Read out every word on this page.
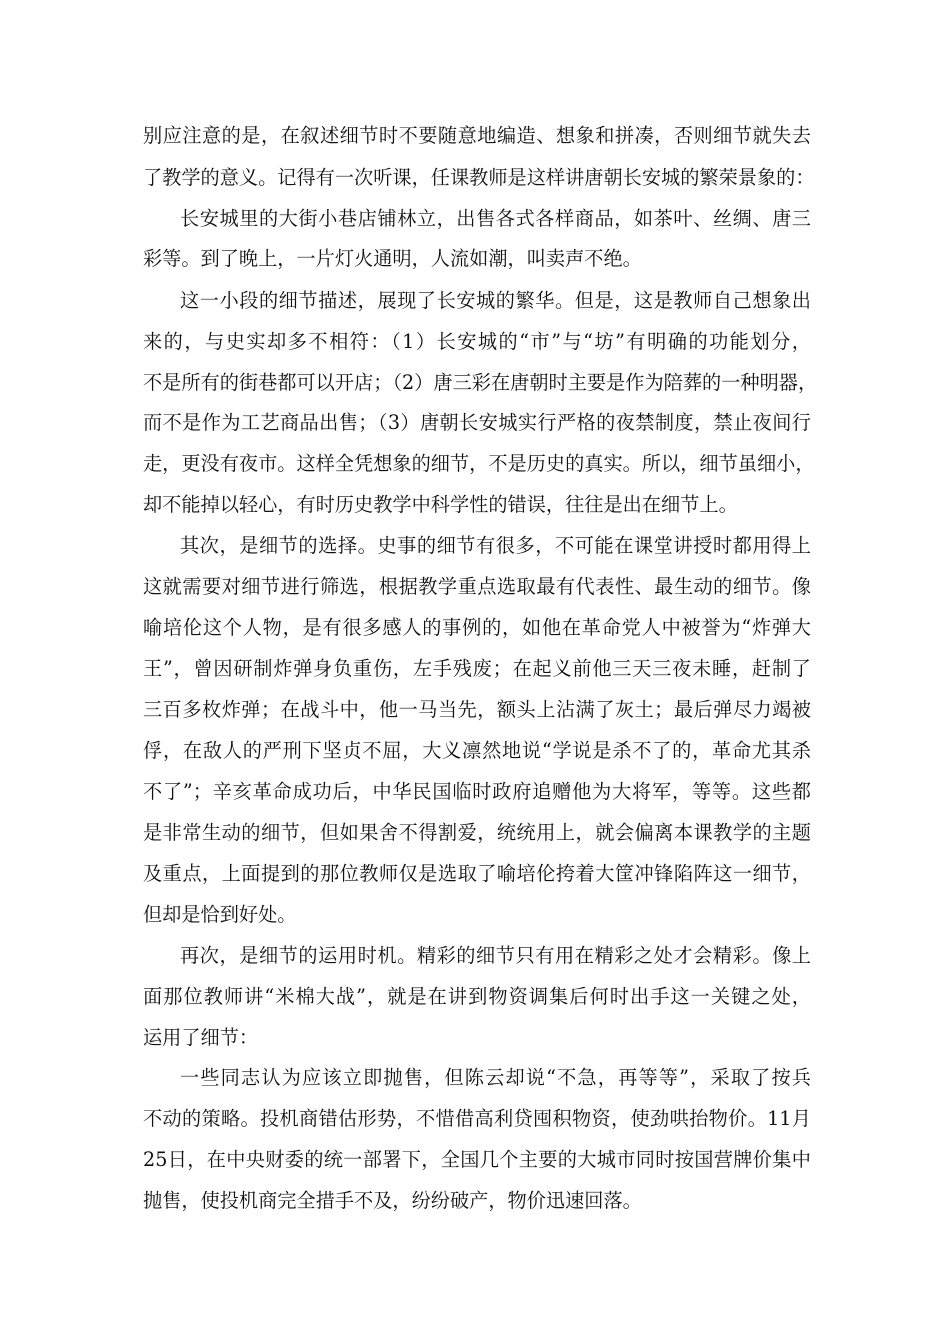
别应注意的是，在叙述细节时不要随意地编造、想象和拼凑，否则细节就失去
了教学的意义。记得有一次听课，任课教师是这样讲唐朝长安城的繁荣景象的：
长安城里的大街小巷店铺林立，出售各式各样商品，如茶叶、丝绸、唐三
彩等。到了晚上，一片灯火通明，人流如潮，叫卖声不绝。
这一小段的细节描述，展现了长安城的繁华。但是，这是教师自己想象出
来的，与史实却多不相符：（1）长安城的“市”与“坊”有明确的功能划分，
不是所有的街巷都可以开店；（2）唐三彩在唐朝时主要是作为陪葬的一种明器，
而不是作为工艺商品出售；（3）唐朝长安城实行严格的夜禁制度，禁止夜间行
走，更没有夜市。这样全凭想象的细节，不是历史的真实。所以，细节虽细小，
却不能掉以轻心，有时历史教学中科学性的错误，往往是出在细节上。
其次，是细节的选择。史事的细节有很多，不可能在课堂讲授时都用得上
这就需要对细节进行筛选，根据教学重点选取最有代表性、最生动的细节。像
喻培伦这个人物，是有很多感人的事例的，如他在革命党人中被誉为“炸弹大
王”，曾因研制炸弹身负重伤，左手残废；在起义前他三天三夜未睡，赶制了
三百多枚炸弹；在战斗中，他一马当先，额头上沾满了灰土；最后弹尽力竭被
俘，在敌人的严刑下坚贞不屈，大义凛然地说“学说是杀不了的，革命尤其杀
不了”；辛亥革命成功后，中华民国临时政府追赠他为大将军，等等。这些都
是非常生动的细节，但如果舍不得割爱，统统用上，就会偏离本课教学的主题
及重点，上面提到的那位教师仅是选取了喻培伦挎着大筐冲锋陷阵这一细节，
但却是恰到好处。
再次，是细节的运用时机。精彩的细节只有用在精彩之处才会精彩。像上
面那位教师讲“米棉大战”，就是在讲到物资调集后何时出手这一关键之处，
运用了细节：
一些同志认为应该立即抛售，但陈云却说“不急，再等等”，采取了按兵
不动的策略。投机商错估形势，不惜借高利贷囤积物资，使劲哄抬物价。11月
25日，在中央财委的统一部署下，全国几个主要的大城市同时按国营牌价集中
抛售，使投机商完全措手不及，纷纷破产，物价迅速回落。
